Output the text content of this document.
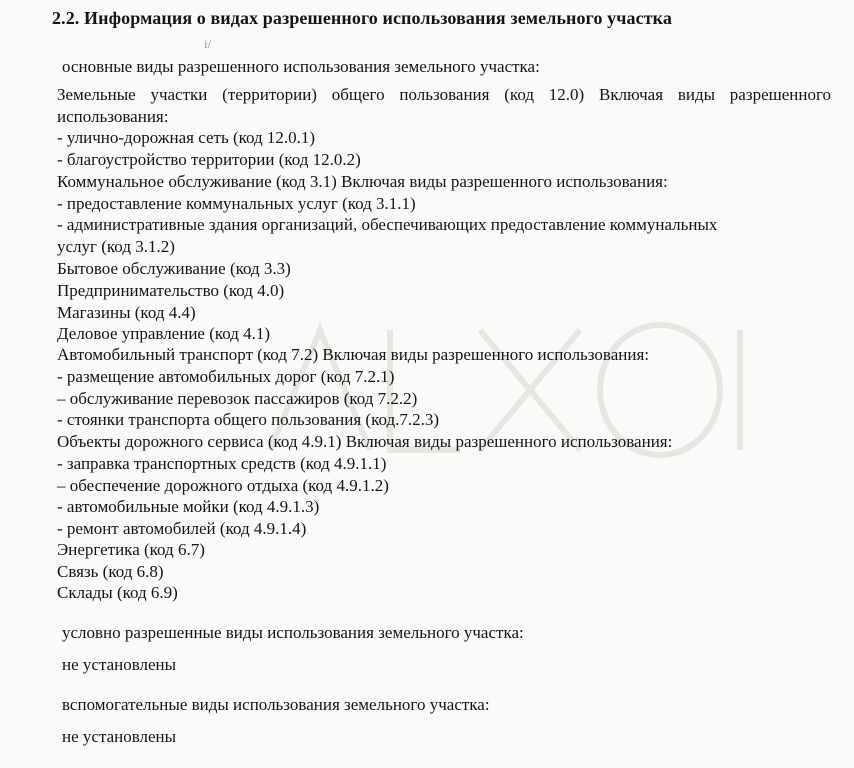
2.2. Информация о видах разрешенного использования земельного участка
і/
основные виды разрешенного использования земельного участка:
Земельные участки (территории) общего пользования (код 12.0) Включая виды разрешенного
использования:
- улично-дорожная сеть (код 12.0.1)
- благоустройство территории (код 12.0.2)
Коммунальное обслуживание (код 3.1) Включая виды разрешенного использования:
- предоставление коммунальных услуг (код 3.1.1)
- административные здания организаций, обеспечивающих предоставление коммунальных
услуг (код 3.1.2)
Бытовое обслуживание (код 3.3)
Предпринимательство (код 4.0)
Магазины (код 4.4)
Деловое управление (код 4.1)
Автомобильный транспорт (код 7.2) Включая виды разрешенного использования:
- размещение автомобильных дорог (код 7.2.1)
– обслуживание перевозок пассажиров (код 7.2.2)
- стоянки транспорта общего пользования (код.7.2.3)
Объекты дорожного сервиса (код 4.9.1) Включая виды разрешенного использования:
- заправка транспортных средств (код 4.9.1.1)
– обеспечение дорожного отдыха (код 4.9.1.2)
- автомобильные мойки (код 4.9.1.3)
- ремонт автомобилей (код 4.9.1.4)
Энергетика (код 6.7)
Связь (код 6.8)
Склады (код 6.9)
условно разрешенные виды использования земельного участка:
не установлены
вспомогательные виды использования земельного участка:
не установлены
